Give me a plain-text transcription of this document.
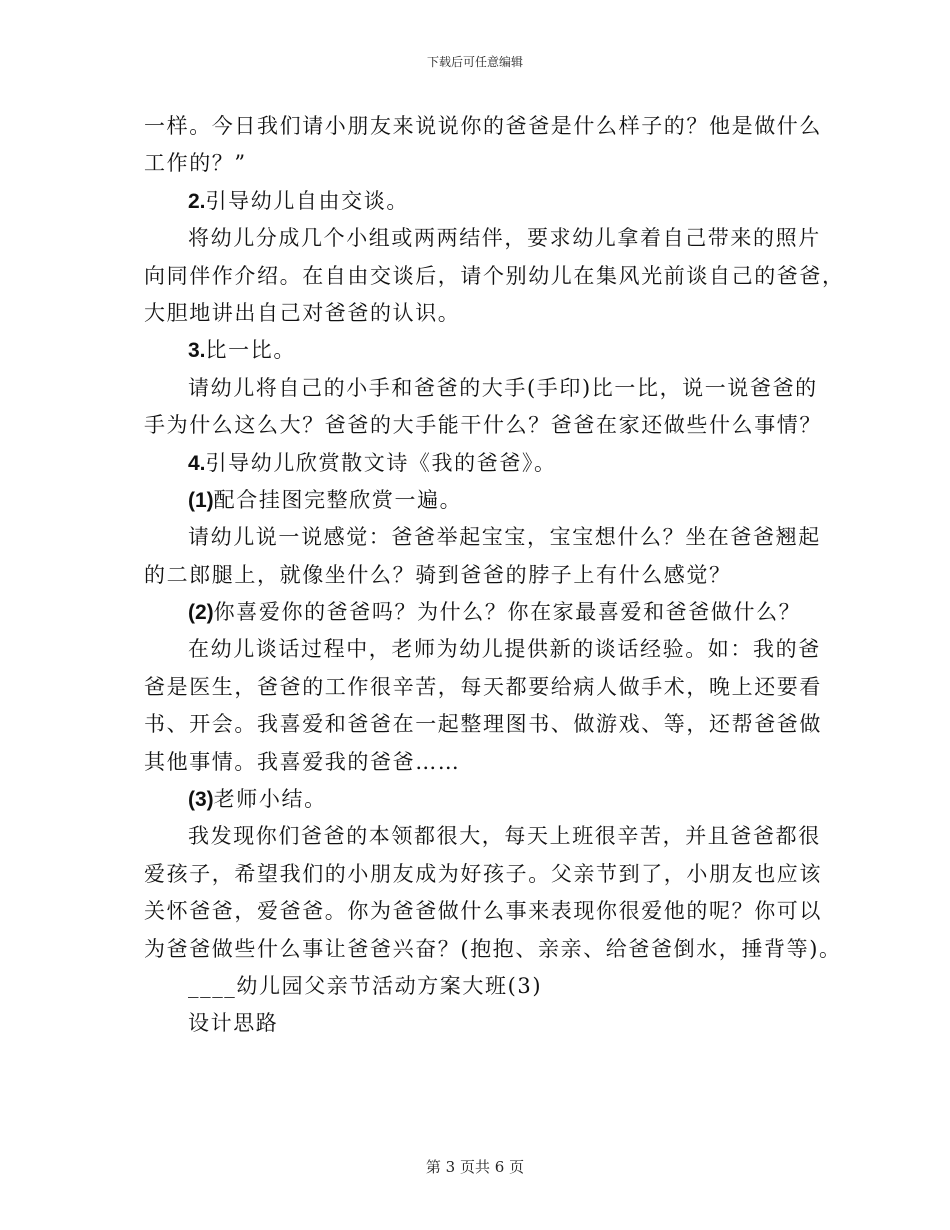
下载后可任意编辑
一样。今日我们请小朋友来说说你的爸爸是什么样子的？他是做什么
工作的？”
2.引导幼儿自由交谈。
将幼儿分成几个小组或两两结伴，要求幼儿拿着自己带来的照片
向同伴作介绍。在自由交谈后，请个别幼儿在集风光前谈自己的爸爸，
大胆地讲出自己对爸爸的认识。
3.比一比。
请幼儿将自己的小手和爸爸的大手(手印)比一比，说一说爸爸的
手为什么这么大？爸爸的大手能干什么？爸爸在家还做些什么事情？
4.引导幼儿欣赏散文诗《我的爸爸》。
(1)配合挂图完整欣赏一遍。
请幼儿说一说感觉：爸爸举起宝宝，宝宝想什么？坐在爸爸翘起
的二郎腿上，就像坐什么？骑到爸爸的脖子上有什么感觉？
(2)你喜爱你的爸爸吗？为什么？你在家最喜爱和爸爸做什么？
在幼儿谈话过程中，老师为幼儿提供新的谈话经验。如：我的爸
爸是医生，爸爸的工作很辛苦，每天都要给病人做手术，晚上还要看
书、开会。我喜爱和爸爸在一起整理图书、做游戏、等，还帮爸爸做
其他事情。我喜爱我的爸爸……
(3)老师小结。
我发现你们爸爸的本领都很大，每天上班很辛苦，并且爸爸都很
爱孩子，希望我们的小朋友成为好孩子。父亲节到了，小朋友也应该
关怀爸爸，爱爸爸。你为爸爸做什么事来表现你很爱他的呢？你可以
为爸爸做些什么事让爸爸兴奋？(抱抱、亲亲、给爸爸倒水，捶背等)。
____幼儿园父亲节活动方案大班(3)
设计思路
第 3 页共 6 页
